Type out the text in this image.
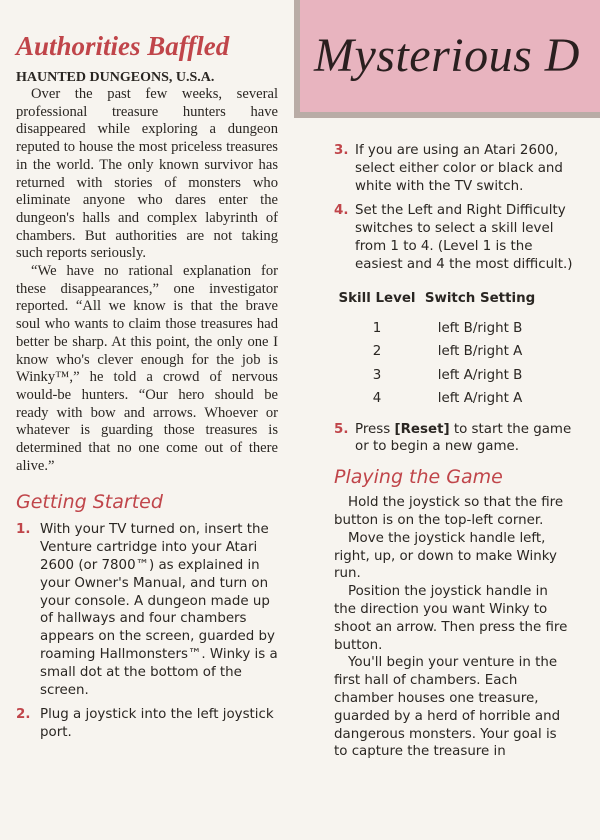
Mysterious D
Authorities Baffled
HAUNTED DUNGEONS, U.S.A.

Over the past few weeks, several professional treasure hunters have disappeared while exploring a dungeon reputed to house the most priceless treasures in the world. The only known survivor has returned with stories of monsters who eliminate anyone who dares enter the dungeon's halls and complex labyrinth of chambers. But authorities are not taking such reports seriously.

“We have no rational explanation for these disappearances,” one investigator reported. “All we know is that the brave soul who wants to claim those treasures had better be sharp. At this point, the only one I know who's clever enough for the job is Winky™,” he told a crowd of nervous would-be hunters. “Our hero should be ready with bow and arrows. Whoever or whatever is guarding those treasures is determined that no one come out of there alive.”

Getting Started
1. With your TV turned on, insert the Venture cartridge into your Atari 2600 (or 7800™) as explained in your Owner's Manual, and turn on your console. A dungeon made up of hallways and four chambers appears on the screen, guarded by roaming Hallmonsters™. Winky is a small dot at the bottom of the screen.
2. Plug a joystick into the left joystick port.
3. If you are using an Atari 2600, select either color or black and white with the TV switch.
4. Set the Left and Right Difficulty switches to select a skill level from 1 to 4. (Level 1 is the easiest and 4 the most difficult.)
Skill Level	Switch Setting
1	left B/right B
2	left B/right A
3	left A/right B
4	left A/right A
5. Press [Reset] to start the game or to begin a new game.
Playing the Game

Hold the joystick so that the fire button is on the top-left corner.

Move the joystick handle left, right, up, or down to make Winky run.

Position the joystick handle in the direction you want Winky to shoot an arrow. Then press the fire button.

You'll begin your venture in the first hall of chambers. Each chamber houses one treasure, guarded by a herd of horrible and dangerous monsters. Your goal is to capture the treasure in
